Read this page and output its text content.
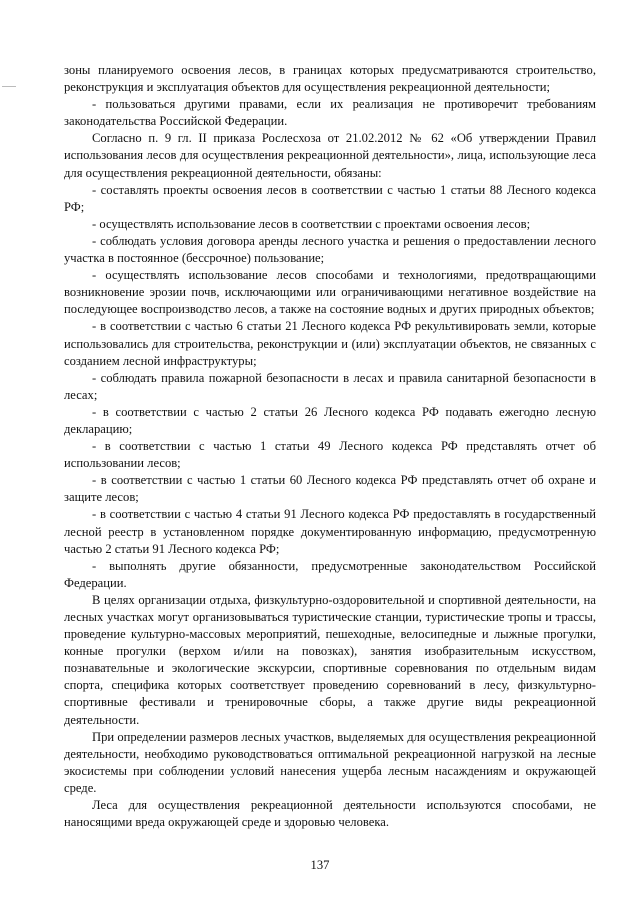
зоны планируемого освоения лесов, в границах которых предусматриваются строительство, реконструкция и эксплуатация объектов для осуществления рекреационной деятельности;

- пользоваться другими правами, если их реализация не противоречит требованиям законодательства Российской Федерации.

Согласно п. 9 гл. II приказа Рослесхоза от 21.02.2012 № 62 «Об утверждении Правил использования лесов для осуществления рекреационной деятельности», лица, использующие леса для осуществления рекреационной деятельности, обязаны:

- составлять проекты освоения лесов в соответствии с частью 1 статьи 88 Лесного кодекса РФ;

- осуществлять использование лесов в соответствии с проектами освоения лесов;

- соблюдать условия договора аренды лесного участка и решения о предоставлении лесного участка в постоянное (бессрочное) пользование;

- осуществлять использование лесов способами и технологиями, предотвращающими возникновение эрозии почв, исключающими или ограничивающими негативное воздействие на последующее воспроизводство лесов, а также на состояние водных и других природных объектов;

- в соответствии с частью 6 статьи 21 Лесного кодекса РФ рекультивировать земли, которые использовались для строительства, реконструкции и (или) эксплуатации объектов, не связанных с созданием лесной инфраструктуры;

- соблюдать правила пожарной безопасности в лесах и правила санитарной безопасности в лесах;

- в соответствии с частью 2 статьи 26 Лесного кодекса РФ подавать ежегодно лесную декларацию;

- в соответствии с частью 1 статьи 49 Лесного кодекса РФ представлять отчет об использовании лесов;

- в соответствии с частью 1 статьи 60 Лесного кодекса РФ представлять отчет об охране и защите лесов;

- в соответствии с частью 4 статьи 91 Лесного кодекса РФ предоставлять в государственный лесной реестр в установленном порядке документированную информацию, предусмотренную частью 2 статьи 91 Лесного кодекса РФ;

- выполнять другие обязанности, предусмотренные законодательством Российской Федерации.

В целях организации отдыха, физкультурно-оздоровительной и спортивной деятельности, на лесных участках могут организовываться туристические станции, туристические тропы и трассы, проведение культурно-массовых мероприятий, пешеходные, велосипедные и лыжные прогулки, конные прогулки (верхом и/или на повозках), занятия изобразительным искусством, познавательные и экологические экскурсии, спортивные соревнования по отдельным видам спорта, специфика которых соответствует проведению соревнований в лесу, физкультурно-спортивные фестивали и тренировочные сборы, а также другие виды рекреационной деятельности.

При определении размеров лесных участков, выделяемых для осуществления рекреационной деятельности, необходимо руководствоваться оптимальной рекреационной нагрузкой на лесные экосистемы при соблюдении условий нанесения ущерба лесным насаждениям и окружающей среде.

Леса для осуществления рекреационной деятельности используются способами, не наносящими вреда окружающей среде и здоровью человека.

137
